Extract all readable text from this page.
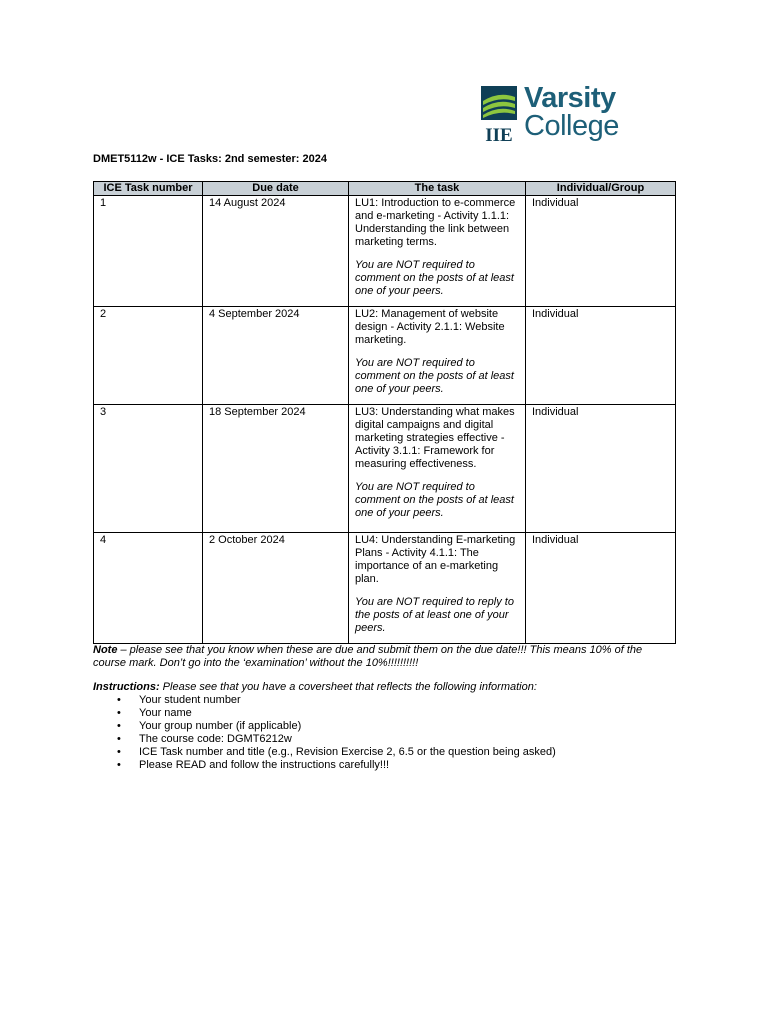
IIE
Varsity
College
DMET5112w - ICE Tasks: 2nd semester: 2024
ICE Task number	Due date	The task	Individual/Group
1	14 August 2024	LU1: Introduction to e-commerce and e-marketing - Activity 1.1.1: Understanding the link between marketing terms.

You are NOT required to comment on the posts of at least one of your peers.	Individual
2	4 September 2024	LU2: Management of website design - Activity 2.1.1: Website marketing.

You are NOT required to comment on the posts of at least one of your peers.	Individual
3	18 September 2024	LU3: Understanding what makes digital campaigns and digital marketing strategies effective - Activity 3.1.1: Framework for measuring effectiveness.

You are NOT required to comment on the posts of at least one of your peers.	Individual
4	2 October 2024	LU4: Understanding E-marketing Plans - Activity 4.1.1: The importance of an e-marketing plan.

You are NOT required to reply to the posts of at least one of your peers.	Individual
Note – please see that you know when these are due and submit them on the due date!!! This means 10% of the course mark. Don’t go into the ‘examination’ without the 10%!!!!!!!!!!
Instructions: Please see that you have a coversheet that reflects the following information:
• Your student number
• Your name
• Your group number (if applicable)
• The course code: DGMT6212w
• ICE Task number and title (e.g., Revision Exercise 2, 6.5 or the question being asked)
• Please READ and follow the instructions carefully!!!
